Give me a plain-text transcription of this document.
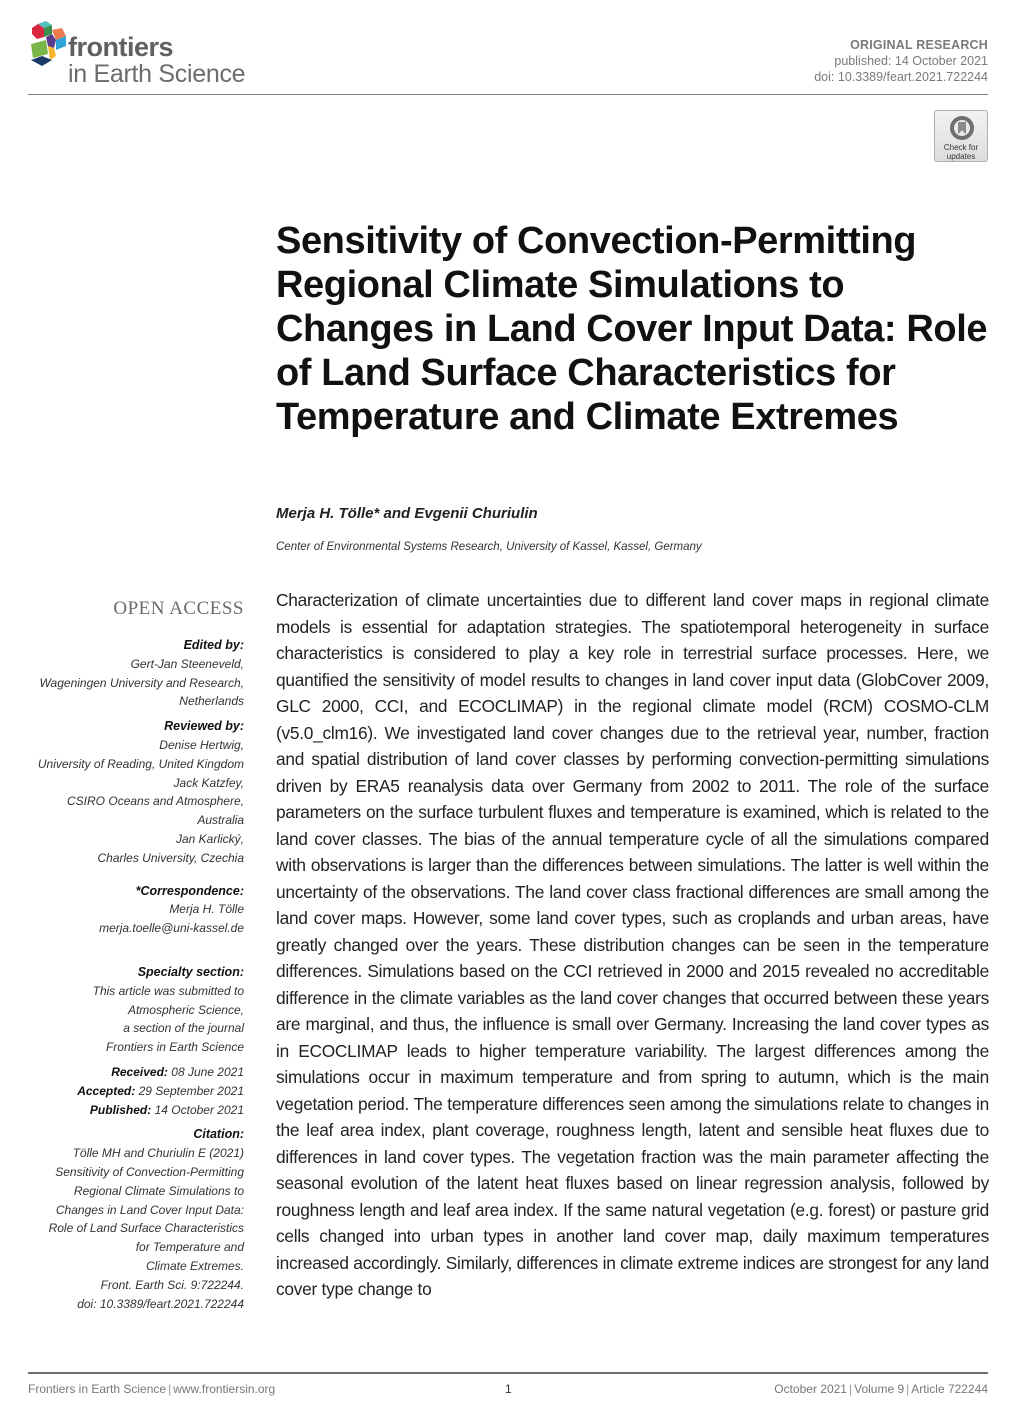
frontiers
in Earth Science
ORIGINAL RESEARCH
published: 14 October 2021
doi: 10.3389/feart.2021.722244
Check for
updates
Sensitivity of Convection-Permitting Regional Climate Simulations to Changes in Land Cover Input Data: Role of Land Surface Characteristics for Temperature and Climate Extremes
Merja H. Tölle* and Evgenii Churiulin
Center of Environmental Systems Research, University of Kassel, Kassel, Germany
OPEN ACCESS
Edited by:
Gert-Jan Steeneveld,
Wageningen University and Research,
Netherlands
Reviewed by:
Denise Hertwig,
University of Reading, United Kingdom
Jack Katzfey,
CSIRO Oceans and Atmosphere,
Australia
Jan Karlický,
Charles University, Czechia
*Correspondence:
Merja H. Tölle
merja.toelle@uni-kassel.de
Specialty section:
This article was submitted to
Atmospheric Science,
a section of the journal
Frontiers in Earth Science
Received: 08 June 2021
Accepted: 29 September 2021
Published: 14 October 2021
Citation:
Tölle MH and Churiulin E (2021)
Sensitivity of Convection-Permitting
Regional Climate Simulations to
Changes in Land Cover Input Data:
Role of Land Surface Characteristics
for Temperature and
Climate Extremes.
Front. Earth Sci. 9:722244.
doi: 10.3389/feart.2021.722244

Characterization of climate uncertainties due to different land cover maps in regional climate models is essential for adaptation strategies. The spatiotemporal heterogeneity in surface characteristics is considered to play a key role in terrestrial surface processes. Here, we quantified the sensitivity of model results to changes in land cover input data (GlobCover 2009, GLC 2000, CCI, and ECOCLIMAP) in the regional climate model (RCM) COSMO-CLM (v5.0_clm16). We investigated land cover changes due to the retrieval year, number, fraction and spatial distribution of land cover classes by performing convection-permitting simulations driven by ERA5 reanalysis data over Germany from 2002 to 2011. The role of the surface parameters on the surface turbulent fluxes and temperature is examined, which is related to the land cover classes. The bias of the annual temperature cycle of all the simulations compared with observations is larger than the differences between simulations. The latter is well within the uncertainty of the observations. The land cover class fractional differences are small among the land cover maps. However, some land cover types, such as croplands and urban areas, have greatly changed over the years. These distribution changes can be seen in the temperature differences. Simulations based on the CCI retrieved in 2000 and 2015 revealed no accreditable difference in the climate variables as the land cover changes that occurred between these years are marginal, and thus, the influence is small over Germany. Increasing the land cover types as in ECOCLIMAP leads to higher temperature variability. The largest differences among the simulations occur in maximum temperature and from spring to autumn, which is the main vegetation period. The temperature differences seen among the simulations relate to changes in the leaf area index, plant coverage, roughness length, latent and sensible heat fluxes due to differences in land cover types. The vegetation fraction was the main parameter affecting the seasonal evolution of the latent heat fluxes based on linear regression analysis, followed by roughness length and leaf area index. If the same natural vegetation (e.g. forest) or pasture grid cells changed into urban types in another land cover map, daily maximum temperatures increased accordingly. Similarly, differences in climate extreme indices are strongest for any land cover type change to

Frontiers in Earth Science | www.frontiersin.org	1	October 2021 | Volume 9 | Article 722244
